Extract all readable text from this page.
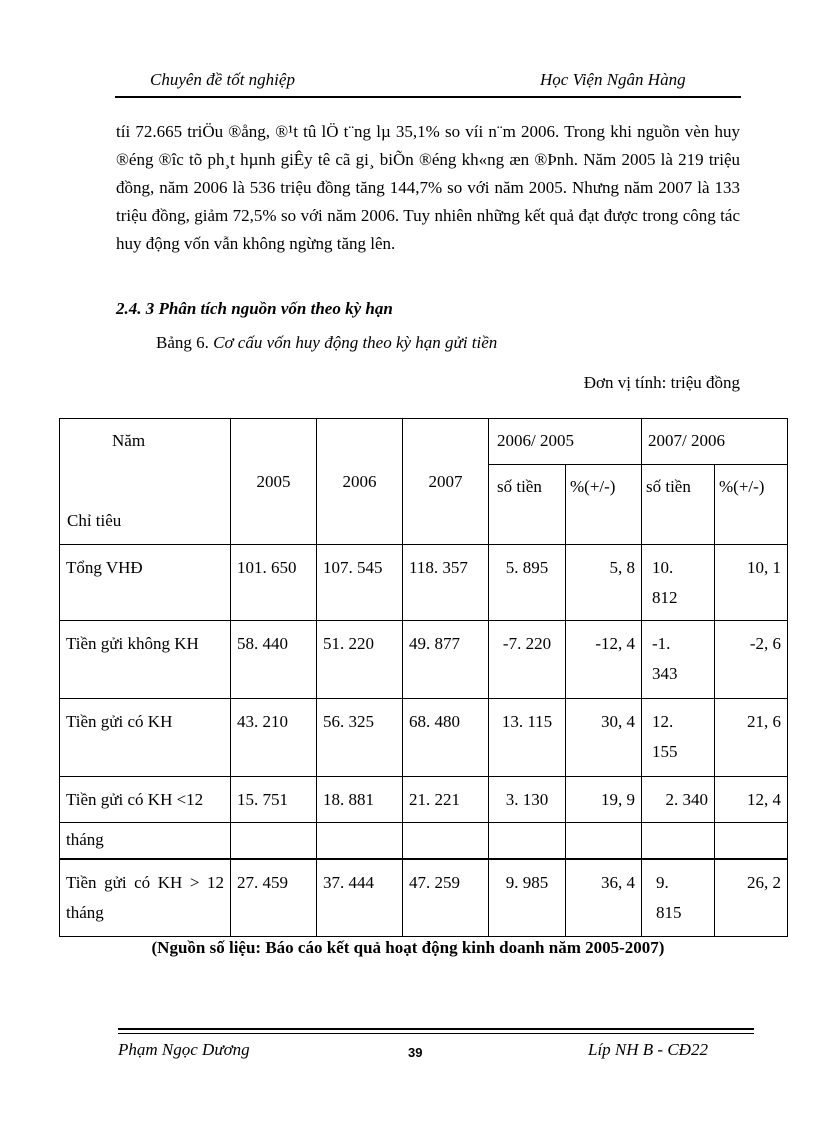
Chuyên đề tốt nghiệp	Học Viện Ngân Hàng

tíi 72.665 triÖu ®ång, ®¹t tû lÖ t¨ng lµ 35,1% so víi n¨m 2006. Trong khi nguồn vèn huy ®éng ®îc tõ ph¸t hµnh giÊy tê cã gi¸ biÕn ®éng kh«ng æn ®Þnh. Năm 2005 là 219 triệu đồng, năm 2006 là 536 triệu đồng tăng 144,7% so với năm 2005. Nhưng năm 2007 là 133 triệu đồng, giảm 72,5% so với năm 2006. Tuy nhiên những kết quả đạt được trong công tác huy động vốn vẫn không ngừng tăng lên.

2.4. 3 Phân tích nguồn vốn theo kỳ hạn
Bảng 6. Cơ cấu vốn huy động theo kỳ hạn gửi tiền
Đơn vị tính: triệu đồng
Năm
Chỉ tiêu	2005	2006	2007	2006/ 2005		2007/ 2006	
				số tiền	%(+/-)	số tiền	%(+/-)
Tổng VHĐ	101. 650	107. 545	118. 357	5. 895	5, 8	10. 812	10, 1
Tiền gửi không KH	58. 440	51. 220	49. 877	-7. 220	-12, 4	-1. 343	-2, 6
Tiền gửi có KH	43. 210	56. 325	68. 480	13. 115	30, 4	12. 155	21, 6
Tiền gửi có KH <12	15. 751	18. 881	21. 221	3. 130	19, 9	2. 340	12, 4
tháng							
Tiền gửi có KH > 12 tháng	27. 459	37. 444	47. 259	9. 985	36, 4	9. 815	26, 2
(Nguồn số liệu: Báo cáo kết quả hoạt động kinh doanh năm 2005-2007)
Phạm Ngọc Dương	39	Líp NH B - CĐ22
